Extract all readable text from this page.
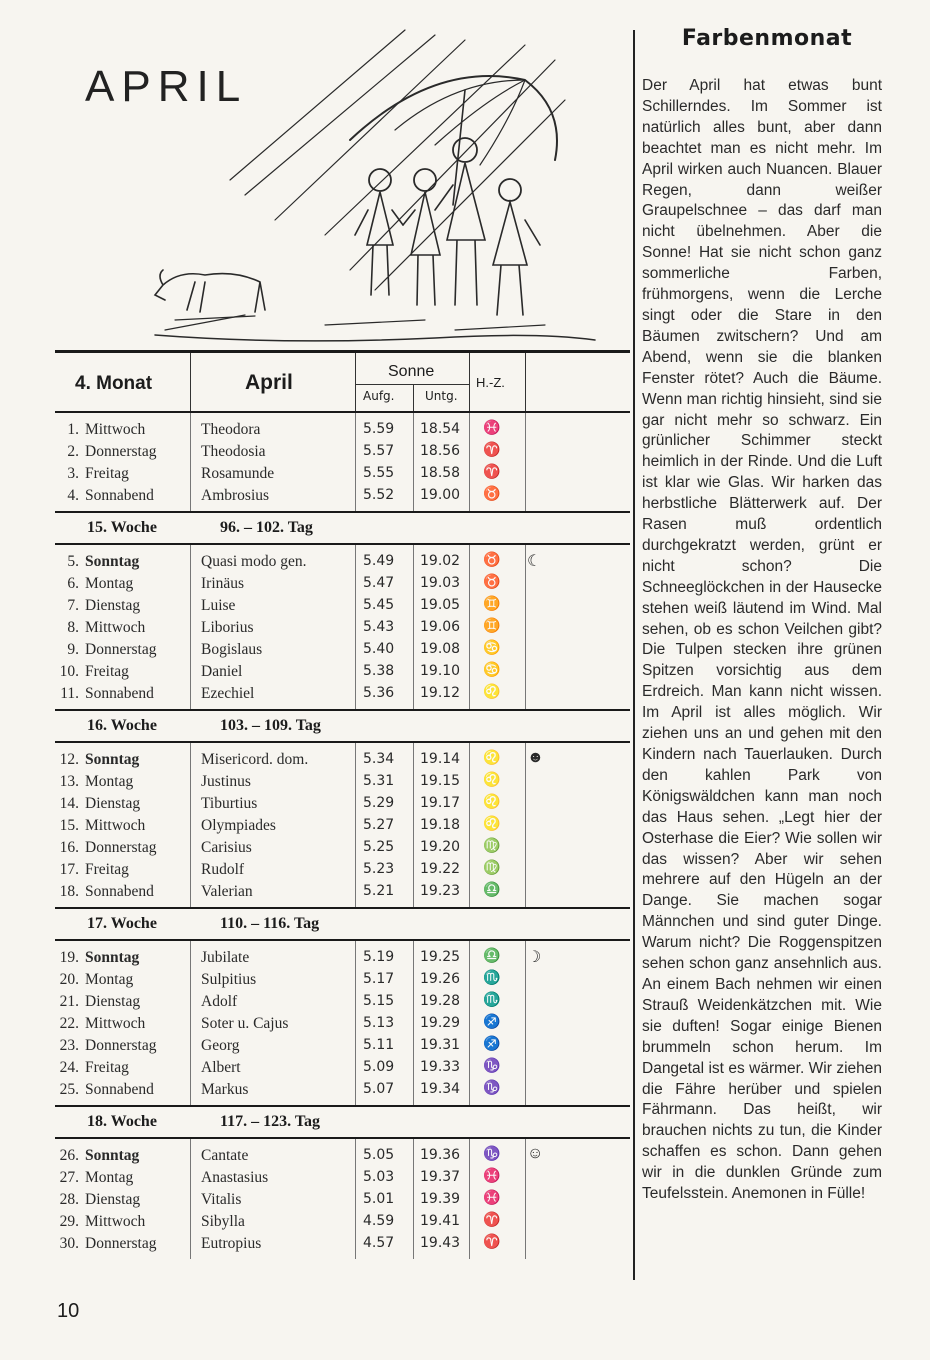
APRIL
4. Monat	April	Sonne
Aufg.	Untg.
H.-Z.
1. Mittwoch	Theodora	5.59 18.54 ♓
2. Donnerstag	Theodosia	5.57 18.56 ♈
3. Freitag	Rosamunde	5.55 18.58 ♈
4. Sonnabend	Ambrosius	5.52 19.00 ♉
15. Woche	96. – 102. Tag
5. Sonntag	Quasi modo gen.	5.49 19.02 ♉ ☾
6. Montag	Irinäus	5.47 19.03 ♉
7. Dienstag	Luise	5.45 19.05 ♊
8. Mittwoch	Liborius	5.43 19.06 ♊
9. Donnerstag	Bogislaus	5.40 19.08 ♋
10. Freitag	Daniel	5.38 19.10 ♋
11. Sonnabend	Ezechiel	5.36 19.12 ♌
16. Woche	103. – 109. Tag
12. Sonntag	Misericord. dom.	5.34 19.14 ♌ ☻
13. Montag	Justinus	5.31 19.15 ♌
14. Dienstag	Tiburtius	5.29 19.17 ♌
15. Mittwoch	Olympiades	5.27 19.18 ♌
16. Donnerstag	Carisius	5.25 19.20 ♍
17. Freitag	Rudolf	5.23 19.22 ♍
18. Sonnabend	Valerian	5.21 19.23 ♎
17. Woche	110. – 116. Tag
19. Sonntag	Jubilate	5.19 19.25 ♎ ☽
20. Montag	Sulpitius	5.17 19.26 ♏
21. Dienstag	Adolf	5.15 19.28 ♏
22. Mittwoch	Soter u. Cajus	5.13 19.29 ♐
23. Donnerstag	Georg	5.11 19.31 ♐
24. Freitag	Albert	5.09 19.33 ♑
25. Sonnabend	Markus	5.07 19.34 ♑
18. Woche	117. – 123. Tag
26. Sonntag	Cantate	5.05 19.36 ♑ ☺
27. Montag	Anastasius	5.03 19.37 ♓
28. Dienstag	Vitalis	5.01 19.39 ♓
29. Mittwoch	Sibylla	4.59 19.41 ♈
30. Donnerstag	Eutropius	4.57 19.43 ♈
10
Farbenmonat

Der April hat etwas bunt Schillerndes. Im Sommer ist natürlich alles bunt, aber dann beachtet man es nicht mehr. Im April wirken auch Nuancen. Blauer Regen, dann weißer Graupelschnee – das darf man nicht übelnehmen. Aber die Sonne! Hat sie nicht schon ganz sommerliche Farben, frühmorgens, wenn die Lerche singt oder die Stare in den Bäumen zwitschern? Und am Abend, wenn sie die blanken Fenster rötet? Auch die Bäume. Wenn man richtig hinsieht, sind sie gar nicht mehr so schwarz. Ein grünlicher Schimmer steckt heimlich in der Rinde. Und die Luft ist klar wie Glas. Wir harken das herbstliche Blätterwerk auf. Der Rasen muß ordentlich durchgekratzt werden, grünt er nicht schon? Die Schneeglöckchen in der Hausecke stehen weiß läutend im Wind. Mal sehen, ob es schon Veilchen gibt? Die Tulpen stecken ihre grünen Spitzen vorsichtig aus dem Erdreich. Man kann nicht wissen. Im April ist alles möglich. Wir ziehen uns an und gehen mit den Kindern nach Tauerlauken. Durch den kahlen Park von Königswäldchen kann man noch das Haus sehen. „Legt hier der Osterhase die Eier? Wie sollen wir das wissen? Aber wir sehen mehrere auf den Hügeln an der Dange. Sie machen sogar Männchen und sind guter Dinge. Warum nicht? Die Roggenspitzen sehen schon ganz ansehnlich aus. An einem Bach nehmen wir einen Strauß Weidenkätzchen mit. Wie sie duften! Sogar einige Bienen brummeln schon herum. Im Dangetal ist es wärmer. Wir ziehen die Fähre herüber und spielen Fährmann. Das heißt, wir brauchen nichts zu tun, die Kinder schaffen es schon. Dann gehen wir in die dunklen Gründe zum Teufelsstein. Anemonen in Fülle!
